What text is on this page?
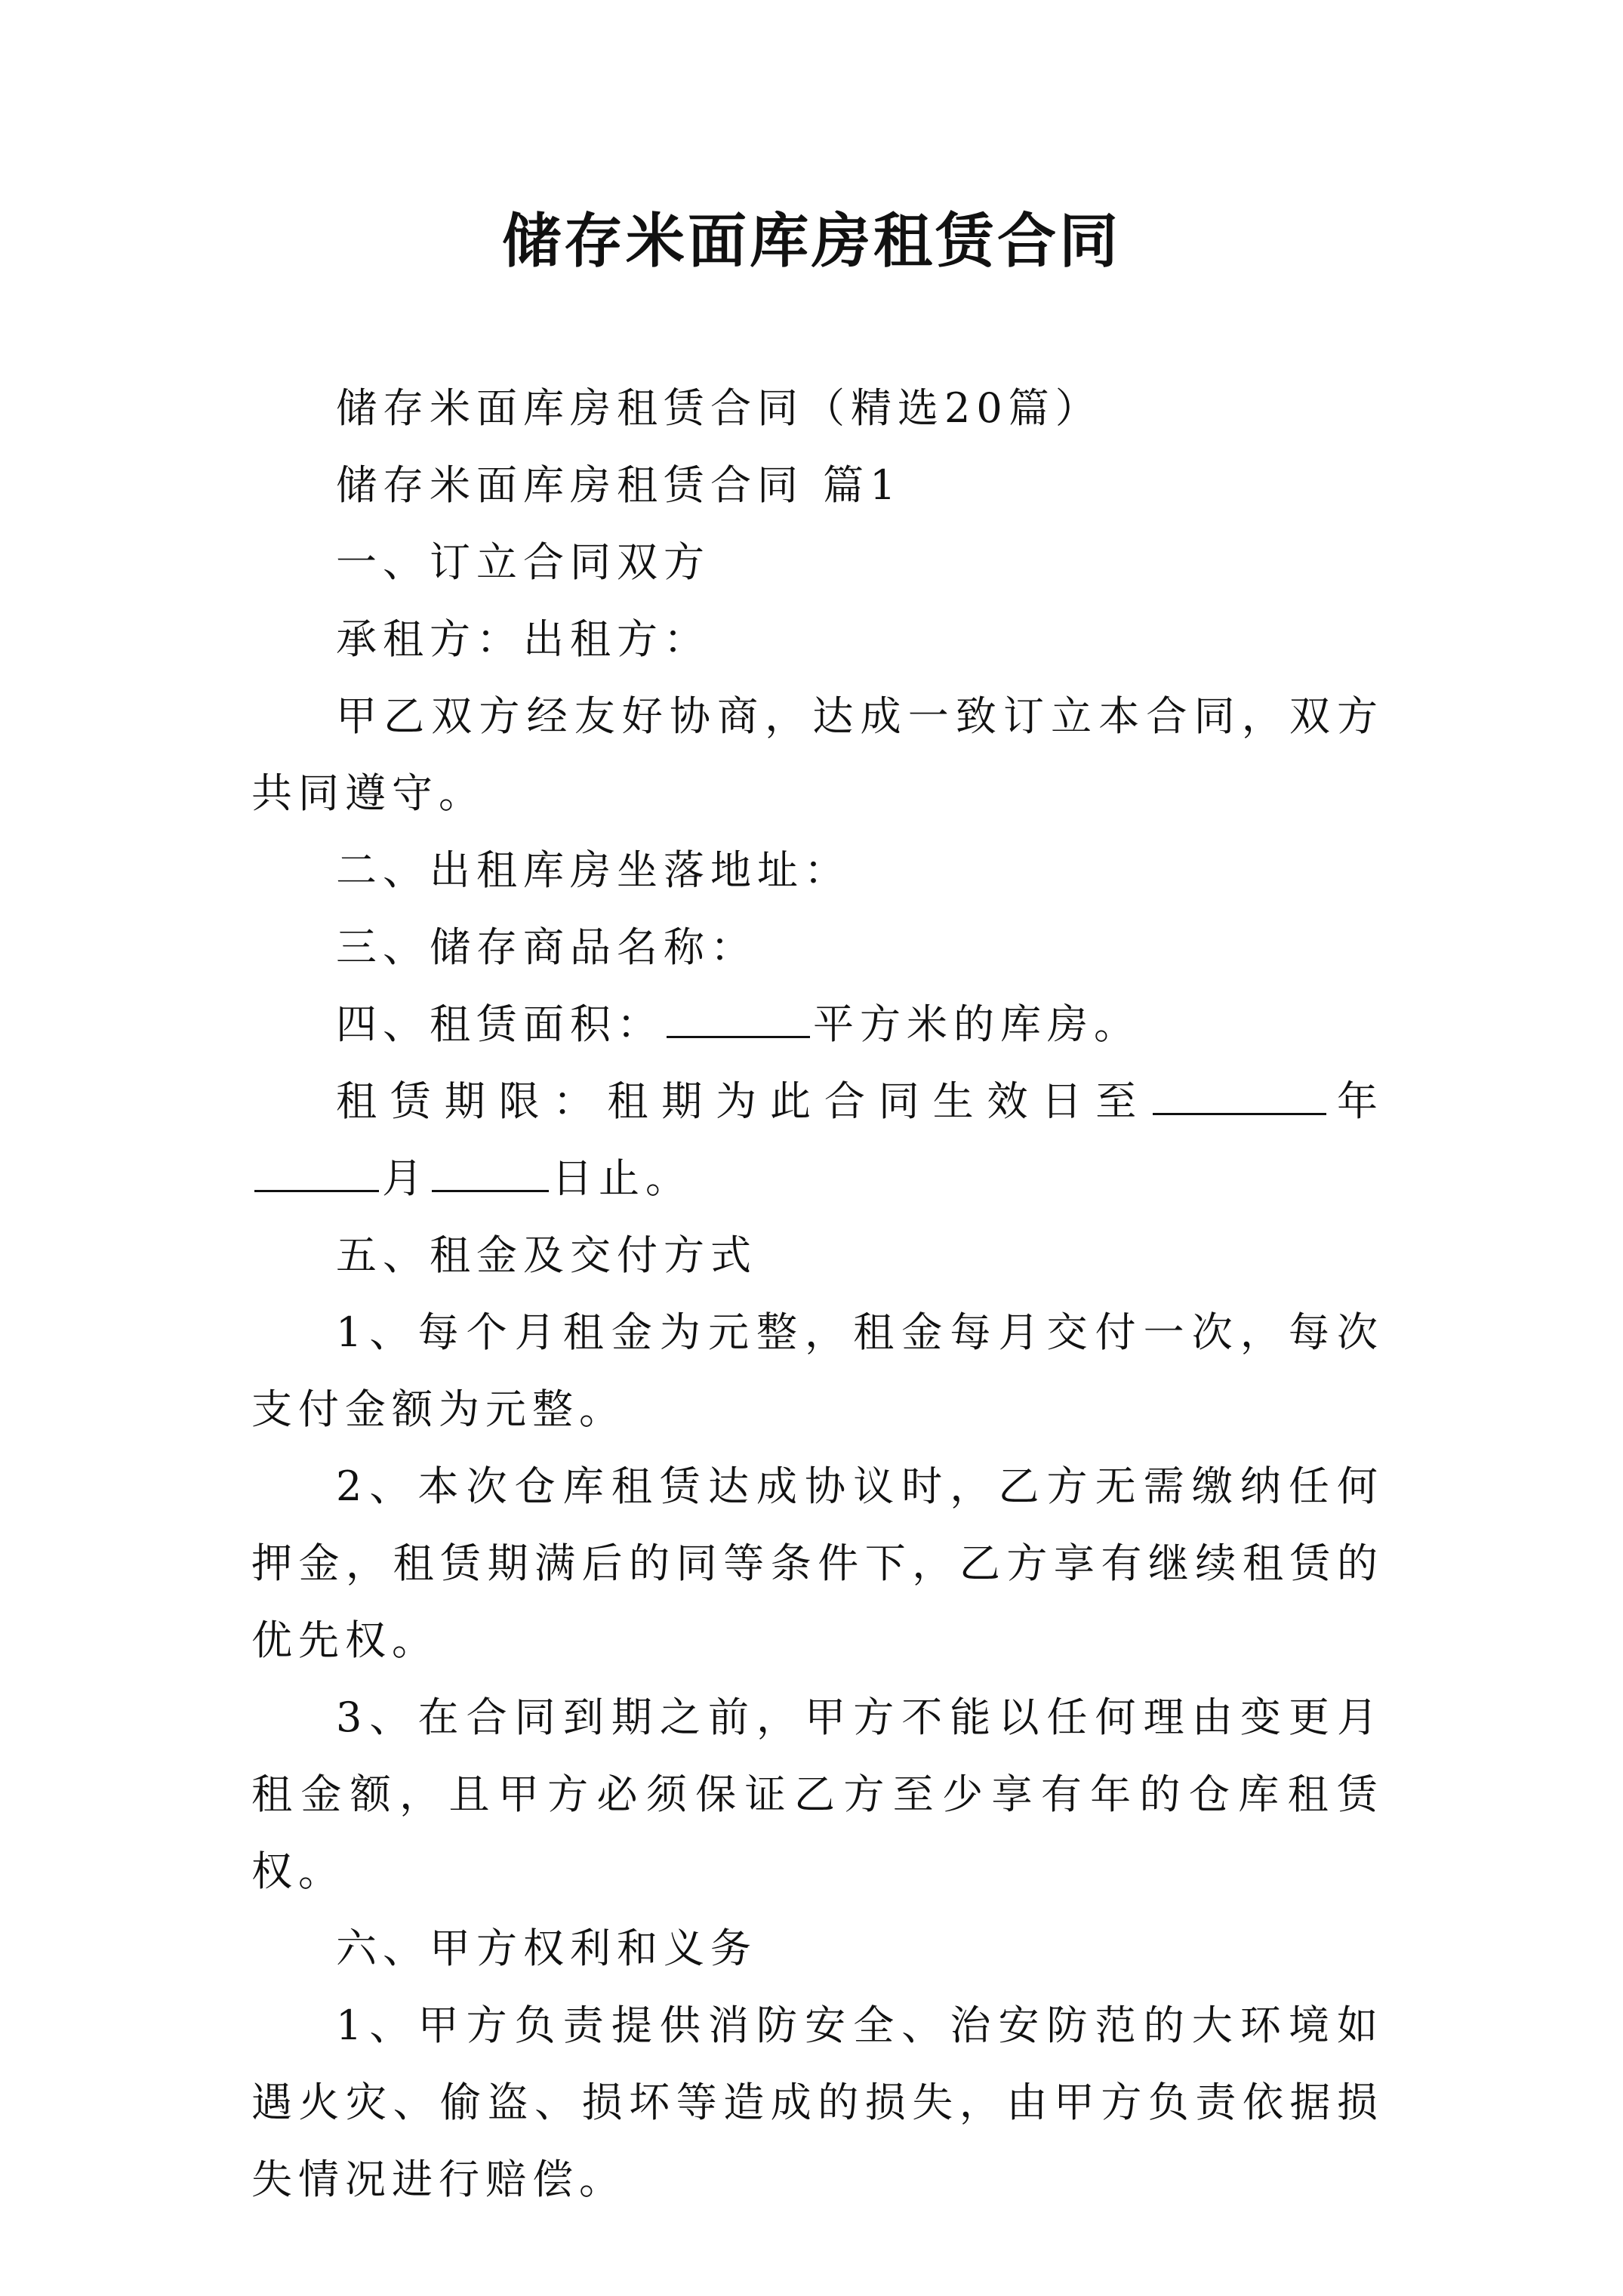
储存米面库房租赁合同

储存米面库房租赁合同（精选20篇）

储存米面库房租赁合同 篇1

一、订立合同双方

承租方：出租方：

甲乙双方经友好协商，达成一致订立本合同，双方共同遵守。

二、出租库房坐落地址：

三、储存商品名称：

四、租赁面积：	平方米的库房。

租赁期限：租期为此合同生效日至	年月	日止。

五、租金及交付方式

1、每个月租金为元整，租金每月交付一次，每次支付金额为元整。

2、本次仓库租赁达成协议时，乙方无需缴纳任何押金，租赁期满后的同等条件下，乙方享有继续租赁的优先权。

3、在合同到期之前，甲方不能以任何理由变更月租金额，且甲方必须保证乙方至少享有年的仓库租赁权。

六、甲方权利和义务

1、甲方负责提供消防安全、治安防范的大环境如遇火灾、偷盗、损坏等造成的损失，由甲方负责依据损失情况进行赔偿。
